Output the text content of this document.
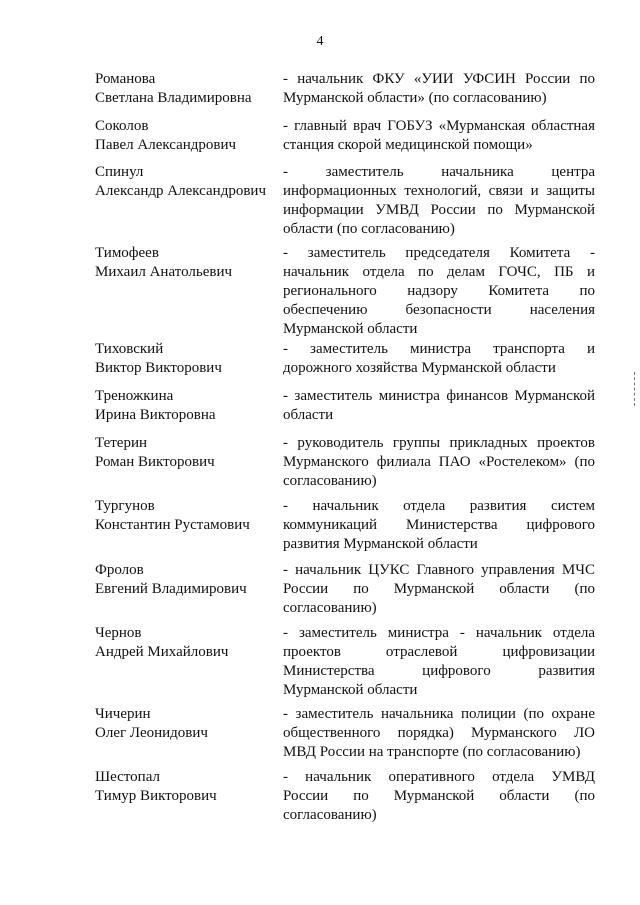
4
Романова
Светлана Владимировна
- начальник ФКУ «УИИ УФСИН России по
Мурманской области» (по согласованию)
Соколов
Павел Александрович
- главный врач ГОБУЗ «Мурманская областная
станция скорой медицинской помощи»
Спинул
Александр Александрович
- заместитель начальника центра
информационных технологий, связи и защиты
информации УМВД России по Мурманской
области (по согласованию)
Тимофеев
Михаил Анатольевич
- заместитель председателя Комитета -
начальник отдела по делам ГОЧС, ПБ и
регионального надзору Комитета по
обеспечению безопасности населения
Мурманской области
Тиховский
Виктор Викторович
- заместитель министра транспорта и
дорожного хозяйства Мурманской области
Треножкина
Ирина Викторовна
- заместитель министра финансов Мурманской
области
Тетерин
Роман Викторович
- руководитель группы прикладных проектов
Мурманского филиала ПАО «Ростелеком» (по
согласованию)
Тургунов
Константин Рустамович
- начальник отдела развития систем
коммуникаций Министерства цифрового
развития Мурманской области
Фролов
Евгений Владимирович
- начальник ЦУКС Главного управления МЧС
России по Мурманской области (по
согласованию)
Чернов
Андрей Михайлович
- заместитель министра - начальник отдела
проектов отраслевой цифровизации
Министерства цифрового развития
Мурманской области
Чичерин
Олег Леонидович
- заместитель начальника полиции (по охране
общественного порядка) Мурманского ЛО
МВД России на транспорте (по согласованию)
Шестопал
Тимур Викторович
- начальник оперативного отдела УМВД
России по Мурманской области (по
согласованию)
